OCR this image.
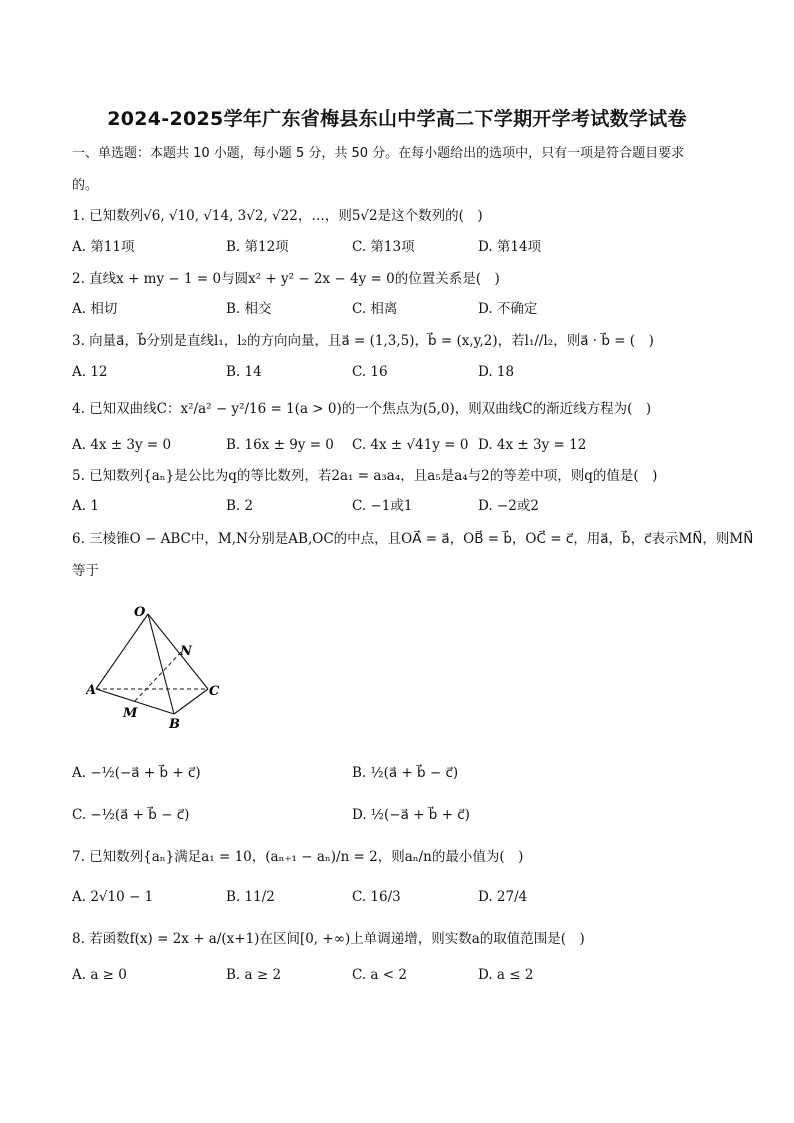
2024-2025学年广东省梅县东山中学高二下学期开学考试数学试卷
一、单选题：本题共 10 小题，每小题 5 分，共 50 分。在每小题给出的选项中，只有一项是符合题目要求
的。
1. 已知数列√6, √10, √14, 3√2, √22，…，则5√2是这个数列的(　)
A. 第11项	B. 第12项	C. 第13项	D. 第14项
2. 直线x + my − 1 = 0与圆x² + y² − 2x − 4y = 0的位置关系是(　)
A. 相切	B. 相交	C. 相离	D. 不确定
3. 向量a⃗，b⃗分别是直线l₁，l₂的方向向量，且a⃗ = (1,3,5)，b⃗ = (x,y,2)，若l₁//l₂，则a⃗ · b⃗ = (　)
A. 12	B. 14	C. 16	D. 18
4. 已知双曲线C：x²/a² − y²/16 = 1(a > 0)的一个焦点为(5,0)，则双曲线C的渐近线方程为(　)
A. 4x ± 3y = 0	B. 16x ± 9y = 0 C. 4x ± √41y = 0 D. 4x ± 3y = 12
5. 已知数列{aₙ}是公比为q的等比数列，若2a₁ = a₃a₄，且a₅是a₄与2的等差中项，则q的值是(　)
A. 1	B. 2	C. −1或1	D. −2或2
6. 三棱锥O − ABC中，M,N分别是AB,OC的中点，且OA⃗ = a⃗，OB⃗ = b⃗，OC⃗ = c⃗，用a⃗，b⃗，c⃗表示MN⃗，则MN⃗
等于
O
N
A	C
M
B
A. −½(−a⃗ + b⃗ + c⃗)	B. ½(a⃗ + b⃗ − c⃗)
C. −½(a⃗ + b⃗ − c⃗)	D. ½(−a⃗ + b⃗ + c⃗)
7. 已知数列{aₙ}满足a₁ = 10，(aₙ₊₁ − aₙ)/n = 2，则aₙ/n的最小值为(　)
A. 2√10 − 1	B. 11/2	C. 16/3	D. 27/4
8. 若函数f(x) = 2x + a/(x+1)在区间[0, +∞)上单调递增，则实数a的取值范围是(　)
A. a ≥ 0	B. a ≥ 2	C. a < 2	D. a ≤ 2
